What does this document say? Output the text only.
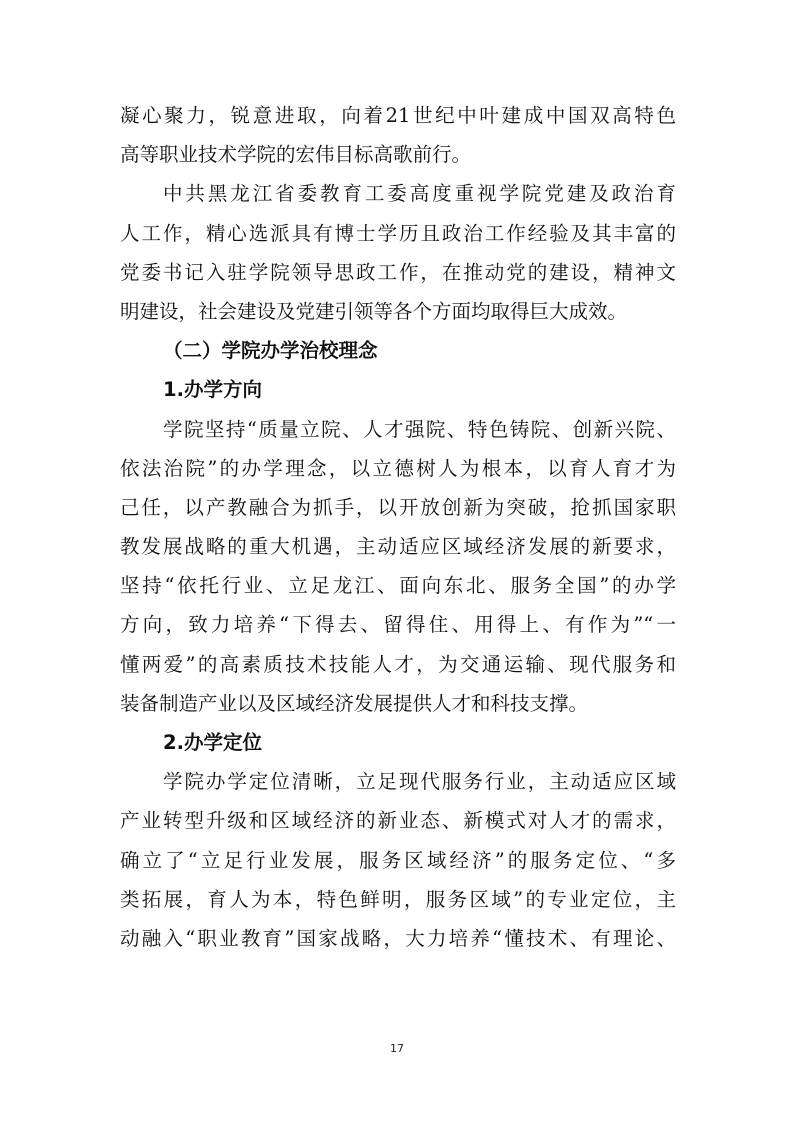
凝心聚力，锐意进取，向着21世纪中叶建成中国双高特色
高等职业技术学院的宏伟目标高歌前行。
中共黑龙江省委教育工委高度重视学院党建及政治育
人工作，精心选派具有博士学历且政治工作经验及其丰富的
党委书记入驻学院领导思政工作，在推动党的建设，精神文
明建设，社会建设及党建引领等各个方面均取得巨大成效。
（二）学院办学治校理念
1.办学方向
学院坚持“质量立院、人才强院、特色铸院、创新兴院、
依法治院”的办学理念，以立德树人为根本，以育人育才为
己任，以产教融合为抓手，以开放创新为突破，抢抓国家职
教发展战略的重大机遇，主动适应区域经济发展的新要求，
坚持“依托行业、立足龙江、面向东北、服务全国”的办学
方向，致力培养“下得去、留得住、用得上、有作为”“一
懂两爱”的高素质技术技能人才，为交通运输、现代服务和
装备制造产业以及区域经济发展提供人才和科技支撑。
2.办学定位
学院办学定位清晰，立足现代服务行业，主动适应区域
产业转型升级和区域经济的新业态、新模式对人才的需求，
确立了“立足行业发展，服务区域经济”的服务定位、“多
类拓展，育人为本，特色鲜明，服务区域”的专业定位，主
动融入“职业教育”国家战略，大力培养“懂技术、有理论、
17
